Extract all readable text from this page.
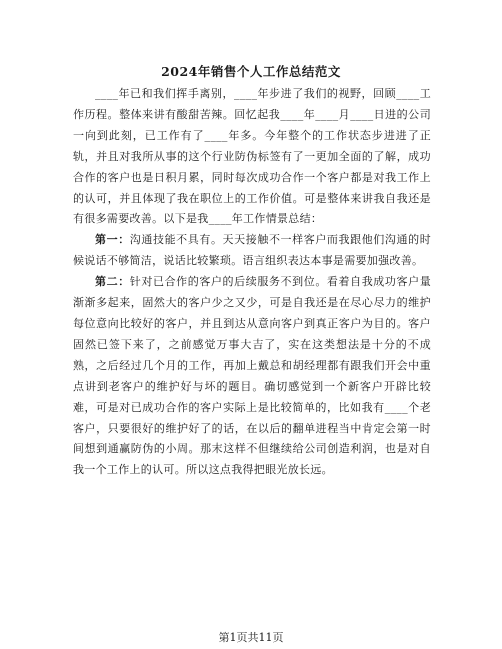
2024年销售个人工作总结范文

____年已和我们挥手离别，____年步进了我们的视野，回顾____工作历程。整体来讲有酸甜苦辣。回忆起我____年____月____日进的公司一向到此刻，已工作有了____年多。今年整个的工作状态步进进了正轨，并且对我所从事的这个行业防伪标签有了一更加全面的了解，成功合作的客户也是日积月累，同时每次成功合作一个客户都是对我工作上的认可，并且体现了我在职位上的工作价值。可是整体来讲我自我还是有很多需要改善。以下是我____年工作情景总结：

第一：沟通技能不具有。天天接触不一样客户而我跟他们沟通的时候说话不够简洁，说话比较繁琐。语言组织表达本事是需要加强改善。

第二：针对已合作的客户的后续服务不到位。看着自我成功客户量渐渐多起来，固然大的客户少之又少，可是自我还是在尽心尽力的维护每位意向比较好的客户，并且到达从意向客户到真正客户为目的。客户固然已签下来了，之前感觉万事大吉了，实在这类想法是十分的不成熟，之后经过几个月的工作，再加上戴总和胡经理都有跟我们开会中重点讲到老客户的维护好与坏的题目。确切感觉到一个新客户开辟比较难，可是对已成功合作的客户实际上是比较简单的，比如我有____个老客户，只要很好的维护好了的话，在以后的翻单进程当中肯定会第一时间想到通赢防伪的小周。那末这样不但继续给公司创造利润，也是对自我一个工作上的认可。所以这点我得把眼光放长远。

第1页共11页
